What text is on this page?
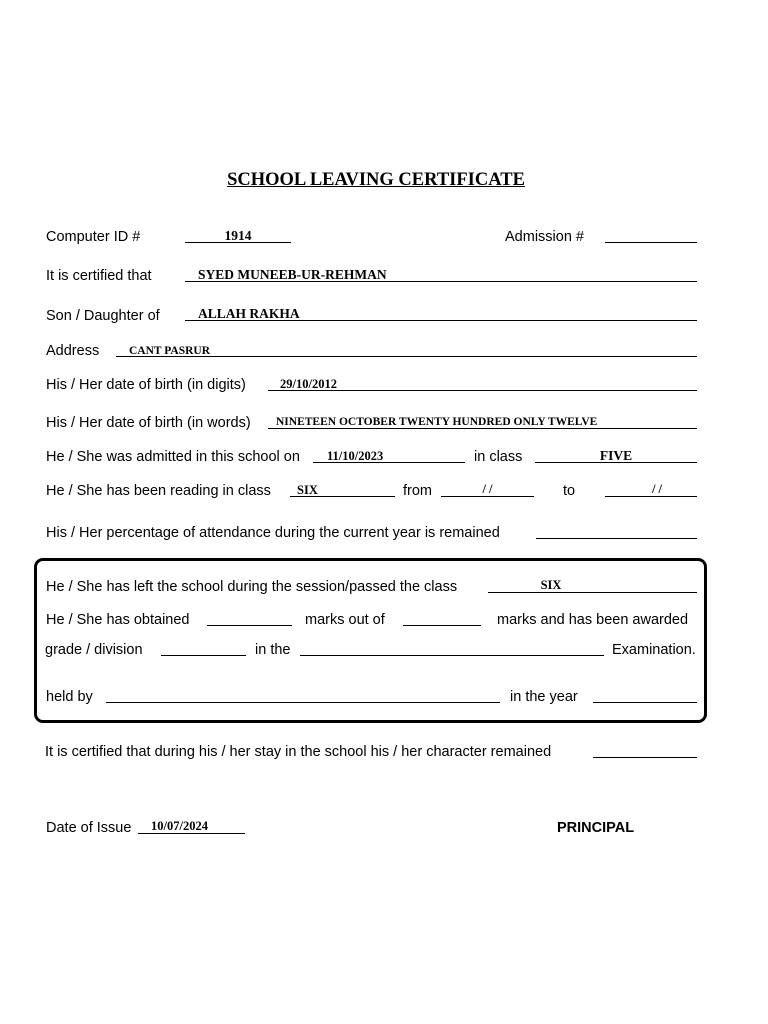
SCHOOL LEAVING CERTIFICATE
Computer ID #	1914	Admission #
It is certified that	SYED MUNEEB-UR-REHMAN
Son / Daughter of	ALLAH RAKHA
Address	CANT PASRUR
His / Her date of birth (in digits)	29/10/2012
His / Her date of birth (in words) NINETEEN OCTOBER TWENTY HUNDRED ONLY TWELVE
He / She was admitted in this school on 11/10/2023	in class	FIVE
He / She has been reading in class SIX	from	/ /	to	/ /
His / Her percentage of attendance during the current year is remained
He / She has left the school during the session/passed the class	SIX
He / She has obtained	marks out of	marks and has been awarded
grade / division	in the	Examination.
held by	in the year
It is certified that during his / her stay in the school his / her character remained
Date of Issue 10/07/2024	PRINCIPAL
